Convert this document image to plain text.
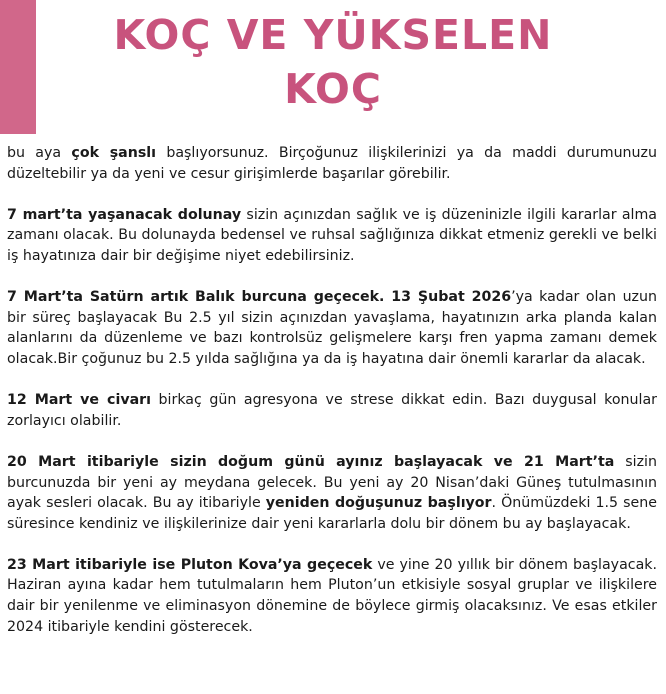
KOÇ VE YÜKSELEN
KOÇ

bu aya çok şanslı başlıyorsunuz. Birçoğunuz ilişkilerinizi ya da maddi durumunuzu düzeltebilir ya da yeni ve cesur girişimlerde başarılar görebilir.

7 mart’ta yaşanacak dolunay sizin açınızdan sağlık ve iş düzeninizle ilgili kararlar alma zamanı olacak. Bu dolunayda bedensel ve ruhsal sağlığınıza dikkat etmeniz gerekli ve belki iş hayatınıza dair bir değişime niyet edebilirsiniz.

7 Mart’ta Satürn artık Balık burcuna geçecek. 13 Şubat 2026’ya kadar olan uzun bir süreç başlayacak Bu 2.5 yıl sizin açınızdan yavaşlama, hayatınızın arka planda kalan alanlarını da düzenleme ve bazı kontrolsüz gelişmelere karşı fren yapma zamanı demek olacak.Bir çoğunuz bu 2.5 yılda sağlığına ya da iş hayatına dair önemli kararlar da alacak.

12 Mart ve civarı birkaç gün agresyona ve strese dikkat edin. Bazı duygusal konular zorlayıcı olabilir.

20 Mart itibariyle sizin doğum günü ayınız başlayacak ve 21 Mart’ta sizin burcunuzda bir yeni ay meydana gelecek. Bu yeni ay 20 Nisan’daki Güneş tutulmasının ayak sesleri olacak. Bu ay itibariyle yeniden doğuşunuz başlıyor. Önümüzdeki 1.5 sene süresince kendiniz ve ilişkilerinize dair yeni kararlarla dolu bir dönem bu ay başlayacak.

23 Mart itibariyle ise Pluton Kova’ya geçecek ve yine 20 yıllık bir dönem başlayacak. Haziran ayına kadar hem tutulmaların hem Pluton’un etkisiyle sosyal gruplar ve ilişkilere dair bir yenilenme ve eliminasyon dönemine de böylece girmiş olacaksınız. Ve esas etkiler 2024 itibariyle kendini gösterecek.
